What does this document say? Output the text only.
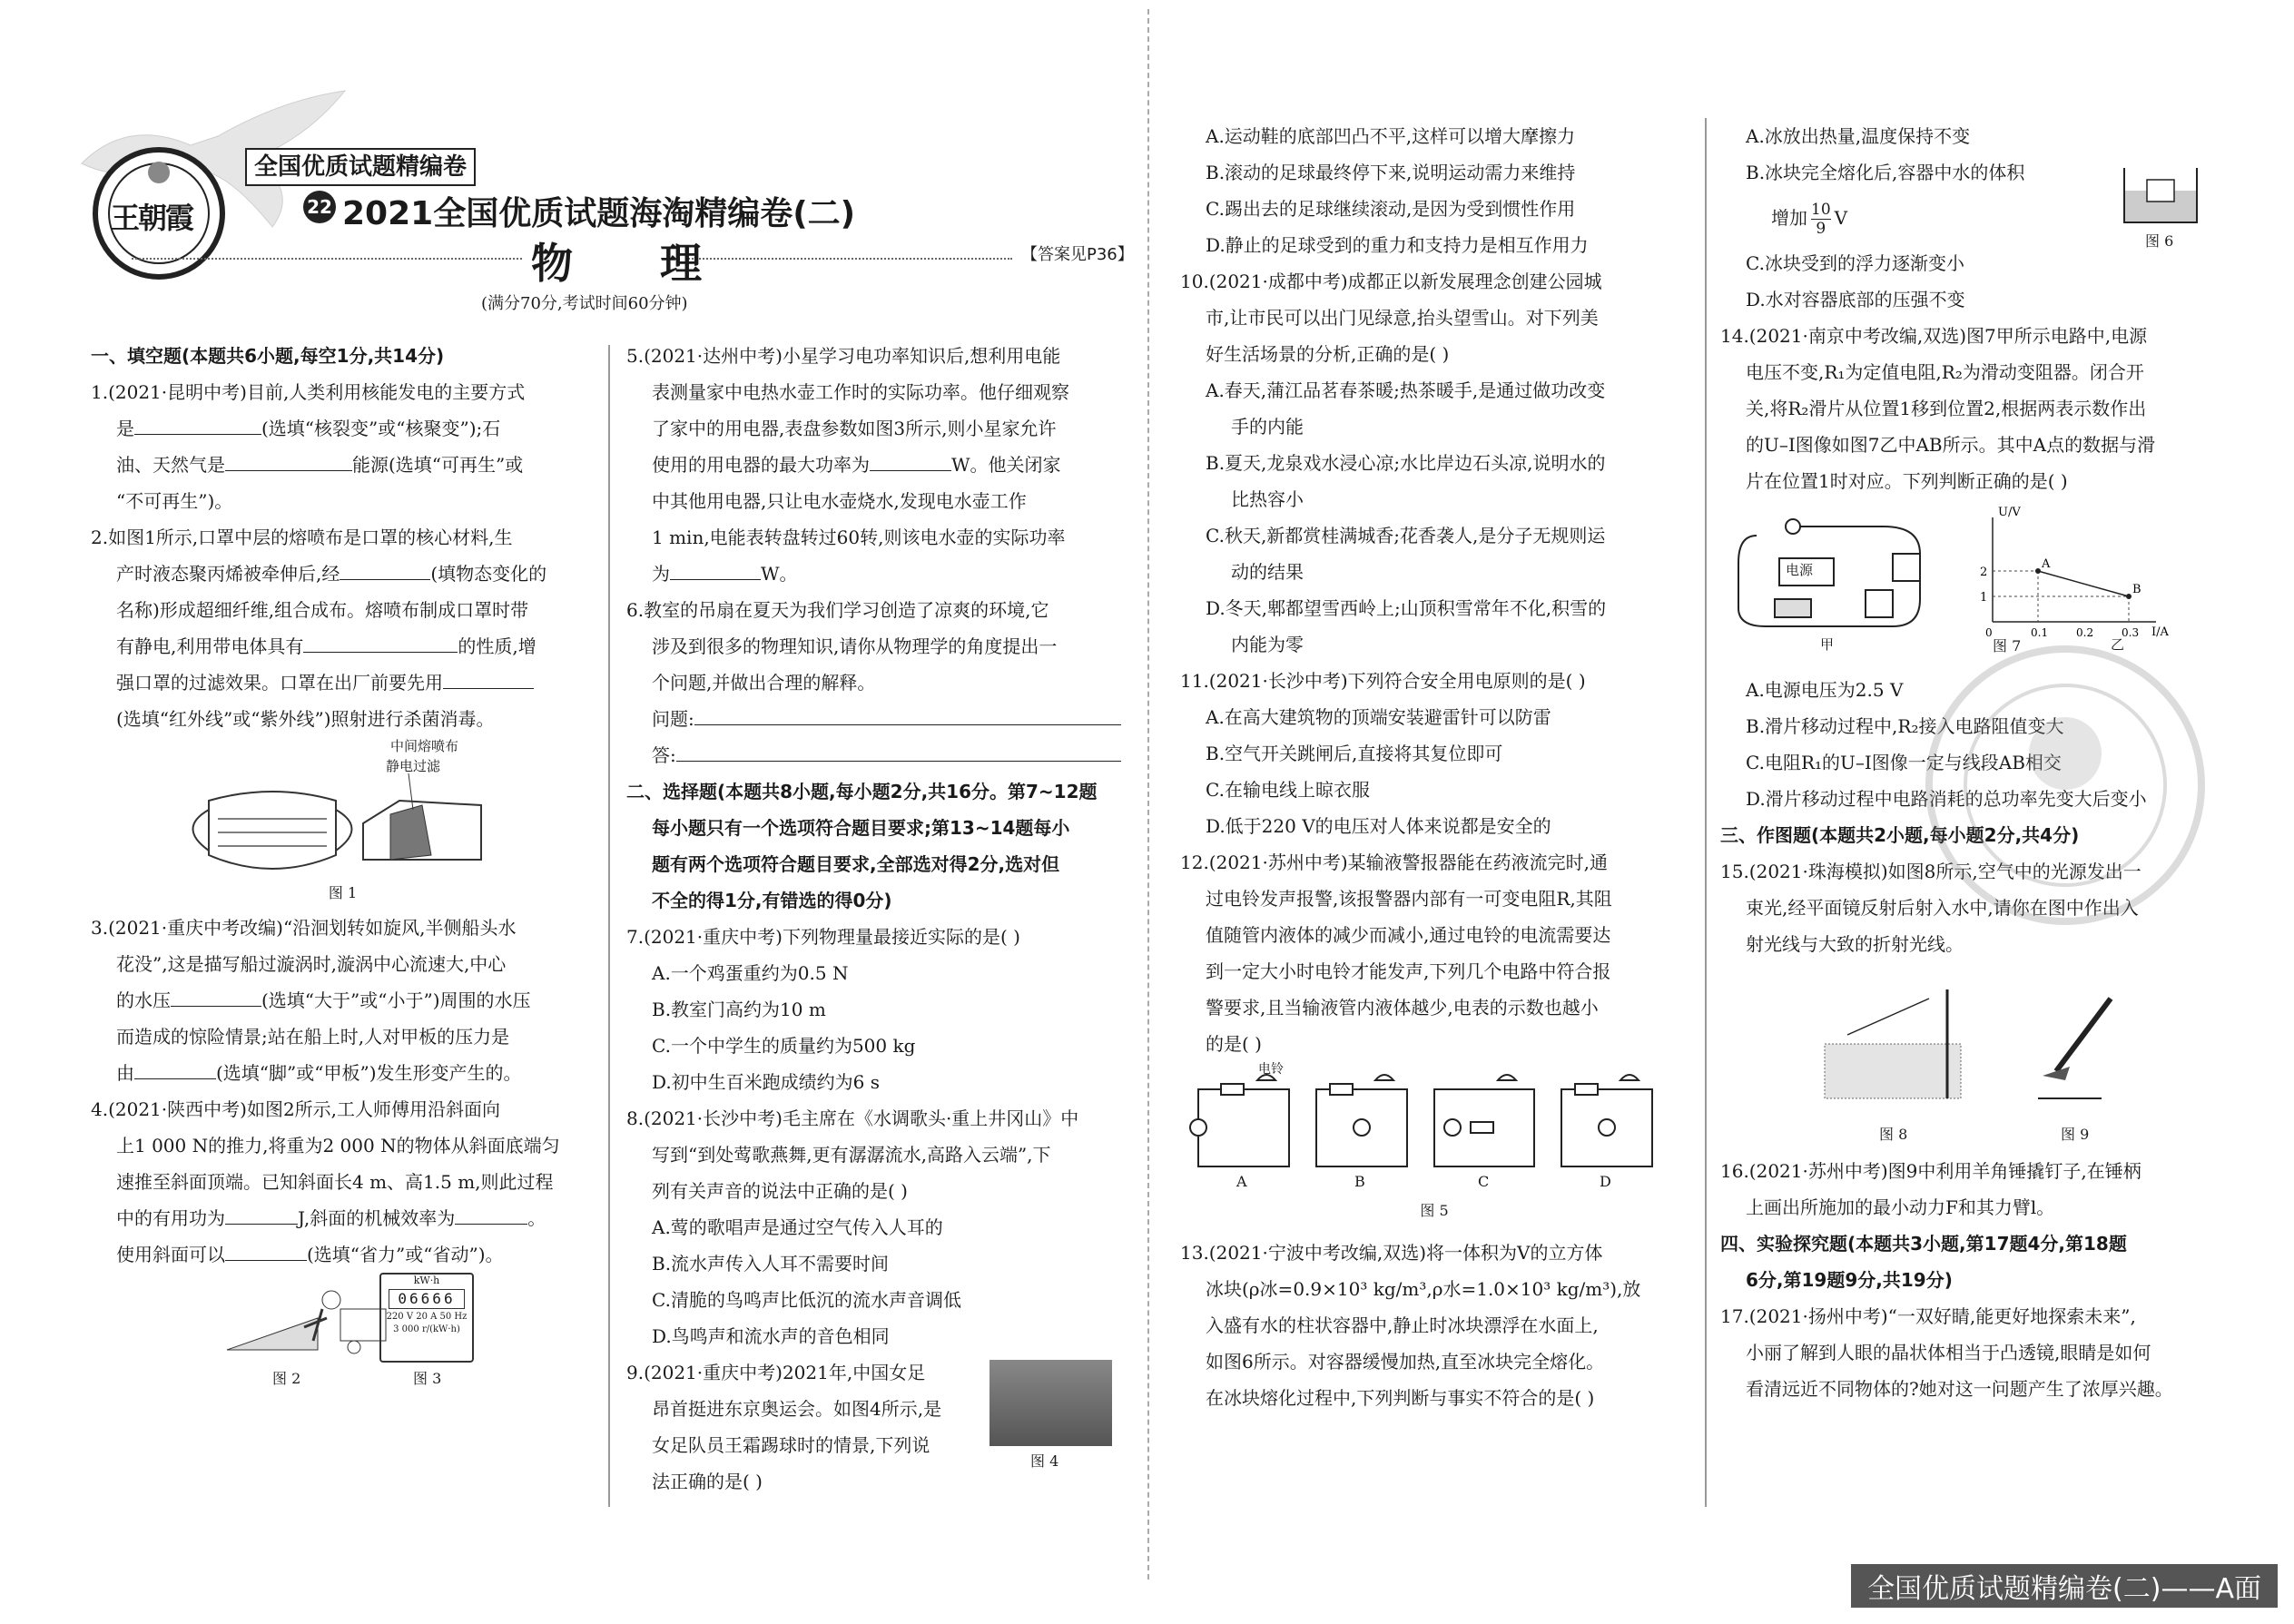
王朝霞
全国优质试题精编卷
22 2021全国优质试题海淘精编卷(二)
物 理	【答案见P36】
(满分70分,考试时间60分钟)
一、填空题(本题共6小题,每空1分,共14分)
1.(2021·昆明中考)目前,人类利用核能发电的主要方式
是	(选填“核裂变”或“核聚变”);石
油、天然气是	能源(选填“可再生”或
“不可再生”)。
2.如图1所示,口罩中层的熔喷布是口罩的核心材料,生
产时液态聚丙烯被牵伸后,经	(填物态变化的
名称)形成超细纤维,组合成布。熔喷布制成口罩时带
有静电,利用带电体具有	的性质,增
强口罩的过滤效果。口罩在出厂前要先用
(选填“红外线”或“紫外线”)照射进行杀菌消毒。
中间熔喷布
静电过滤
图 1
3.(2021·重庆中考改编)“沿洄划转如旋风,半侧船头水
花没”,这是描写船过漩涡时,漩涡中心流速大,中心
的水压	(选填“大于”或“小于”)周围的水压
而造成的惊险情景;站在船上时,人对甲板的压力是
由	(选填“脚”或“甲板”)发生形变产生的。
4.(2021·陕西中考)如图2所示,工人师傅用沿斜面向
上1 000 N的推力,将重为2 000 N的物体从斜面底端匀
速推至斜面顶端。已知斜面长4 m、高1.5 m,则此过程
中的有用功为	J,斜面的机械效率为	。
使用斜面可以	(选填“省力”或“省动”)。
kW·h
06666
220 V 20 A 50 Hz
3 000 r/(kW·h)
图 2	图 3
5.(2021·达州中考)小星学习电功率知识后,想利用电能
表测量家中电热水壶工作时的实际功率。他仔细观察
了家中的用电器,表盘参数如图3所示,则小星家允许
使用的用电器的最大功率为	W。他关闭家
中其他用电器,只让电水壶烧水,发现电水壶工作
1 min,电能表转盘转过60转,则该电水壶的实际功率
为	W。
6.教室的吊扇在夏天为我们学习创造了凉爽的环境,它
涉及到很多的物理知识,请你从物理学的角度提出一
个问题,并做出合理的解释。
问题:
答:
二、选择题(本题共8小题,每小题2分,共16分。第7~12题
每小题只有一个选项符合题目要求;第13~14题每小
题有两个选项符合题目要求,全部选对得2分,选对但
不全的得1分,有错选的得0分)
7.(2021·重庆中考)下列物理量最接近实际的是( )
A.一个鸡蛋重约为0.5 N
B.教室门高约为10 m
C.一个中学生的质量约为500 kg
D.初中生百米跑成绩约为6 s
8.(2021·长沙中考)毛主席在《水调歌头·重上井冈山》中
写到“到处莺歌燕舞,更有潺潺流水,高路入云端”,下
列有关声音的说法中正确的是( )
A.莺的歌唱声是通过空气传入人耳的
B.流水声传入人耳不需要时间
C.清脆的鸟鸣声比低沉的流水声音调低
D.鸟鸣声和流水声的音色相同
9.(2021·重庆中考)2021年,中国女足
昂首挺进东京奥运会。如图4所示,是
女足队员王霜踢球时的情景,下列说
法正确的是( )
图 4
A.运动鞋的底部凹凸不平,这样可以增大摩擦力
B.滚动的足球最终停下来,说明运动需力来维持
C.踢出去的足球继续滚动,是因为受到惯性作用
D.静止的足球受到的重力和支持力是相互作用力
10.(2021·成都中考)成都正以新发展理念创建公园城
市,让市民可以出门见绿意,抬头望雪山。对下列美
好生活场景的分析,正确的是( )
A.春天,蒲江品茗春茶暖;热茶暖手,是通过做功改变
手的内能
B.夏天,龙泉戏水浸心凉;水比岸边石头凉,说明水的
比热容小
C.秋天,新都赏桂满城香;花香袭人,是分子无规则运
动的结果
D.冬天,郫都望雪西岭上;山顶积雪常年不化,积雪的
内能为零
11.(2021·长沙中考)下列符合安全用电原则的是( )
A.在高大建筑物的顶端安装避雷针可以防雷
B.空气开关跳闸后,直接将其复位即可
C.在输电线上晾衣服
D.低于220 V的电压对人体来说都是安全的
12.(2021·苏州中考)某输液警报器能在药液流完时,通
过电铃发声报警,该报警器内部有一可变电阻R,其阻
值随管内液体的减少而减小,通过电铃的电流需要达
到一定大小时电铃才能发声,下列几个电路中符合报
警要求,且当输液管内液体越少,电表的示数也越小
的是( )
A	B	C	D
电铃
图 5
13.(2021·宁波中考改编,双选)将一体积为V的立方体
冰块(ρ冰=0.9×10³ kg/m³,ρ水=1.0×10³ kg/m³),放
入盛有水的柱状容器中,静止时冰块漂浮在水面上,
如图6所示。对容器缓慢加热,直至冰块完全熔化。
在冰块熔化过程中,下列判断与事实不符合的是( )
A.冰放出热量,温度保持不变
B.冰块完全熔化后,容器中水的体积
增加 $\frac{10}{9}$ V
图 6
C.冰块受到的浮力逐渐变小
D.水对容器底部的压强不变
14.(2021·南京中考改编,双选)图7甲所示电路中,电源
电压不变,R₁为定值电阻,R₂为滑动变阻器。闭合开
关,将R₂滑片从位置1移到位置2,根据两表示数作出
的U–I图像如图7乙中AB所示。其中A点的数据与滑
片在位置1时对应。下列判断正确的是( )
电源
甲
U/V
I/A
A
B
1
2
0	0.1	0.2	0.3
乙
图 7
A.电源电压为2.5 V
B.滑片移动过程中,R₂接入电路阻值变大
C.电阻R₁的U–I图像一定与线段AB相交
D.滑片移动过程中电路消耗的总功率先变大后变小
三、作图题(本题共2小题,每小题2分,共4分)
15.(2021·珠海模拟)如图8所示,空气中的光源发出一
束光,经平面镜反射后射入水中,请你在图中作出入
射光线与大致的折射光线。
图 8	图 9
16.(2021·苏州中考)图9中利用羊角锤撬钉子,在锤柄
上画出所施加的最小动力F和其力臂l。
四、实验探究题(本题共3小题,第17题4分,第18题
6分,第19题9分,共19分)
17.(2021·扬州中考)“一双好睛,能更好地探索未来”,
小丽了解到人眼的晶状体相当于凸透镜,眼睛是如何
看清远近不同物体的?她对这一问题产生了浓厚兴趣。
全国优质试题精编卷(二)——A面
